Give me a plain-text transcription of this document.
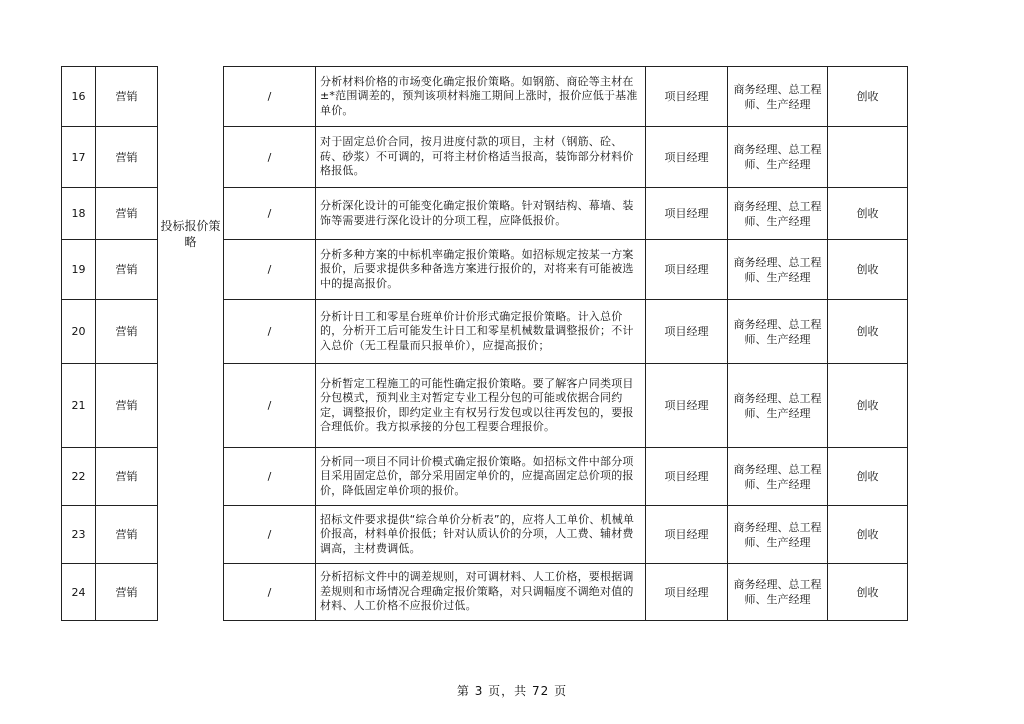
16	营销		/	分析材料价格的市场变化确定报价策略。如钢筋、商砼等主材在±*范围调差的，预判该项材料施工期间上涨时，报价应低于基准单价。	项目经理	商务经理、总工程师、生产经理	创收
17	营销		/	对于固定总价合同，按月进度付款的项目，主材（钢筋、砼、砖、砂浆）不可调的，可将主材价格适当报高，装饰部分材料价格报低。	项目经理	商务经理、总工程师、生产经理	
18	营销	投标报价策略	/	分析深化设计的可能变化确定报价策略。针对钢结构、幕墙、装饰等需要进行深化设计的分项工程，应降低报价。	项目经理	商务经理、总工程师、生产经理	创收
19	营销		/	分析多种方案的中标机率确定报价策略。如招标规定按某一方案报价，后要求提供多种备选方案进行报价的，对将来有可能被选中的提高报价。	项目经理	商务经理、总工程师、生产经理	创收
20	营销		/	分析计日工和零星台班单价计价形式确定报价策略。计入总价的，分析开工后可能发生计日工和零星机械数量调整报价；不计入总价（无工程量而只报单价），应提高报价；	项目经理	商务经理、总工程师、生产经理	创收
21	营销		/	分析暂定工程施工的可能性确定报价策略。要了解客户同类项目分包模式，预判业主对暂定专业工程分包的可能或依据合同约定，调整报价，即约定业主有权另行发包或以往再发包的，要报合理低价。我方拟承接的分包工程要合理报价。	项目经理	商务经理、总工程师、生产经理	创收
22	营销		/	分析同一项目不同计价模式确定报价策略。如招标文件中部分项目采用固定总价，部分采用固定单价的，应提高固定总价项的报价，降低固定单价项的报价。	项目经理	商务经理、总工程师、生产经理	创收
23	营销		/	招标文件要求提供“综合单价分析表”的，应将人工单价、机械单价报高，材料单价报低；针对认质认价的分项，人工费、辅材费调高，主材费调低。	项目经理	商务经理、总工程师、生产经理	创收
24	营销		/	分析招标文件中的调差规则，对可调材料、人工价格，要根据调差规则和市场情况合理确定报价策略，对只调幅度不调绝对值的材料、人工价格不应报价过低。	项目经理	商务经理、总工程师、生产经理	创收
第 3 页，共 72 页
